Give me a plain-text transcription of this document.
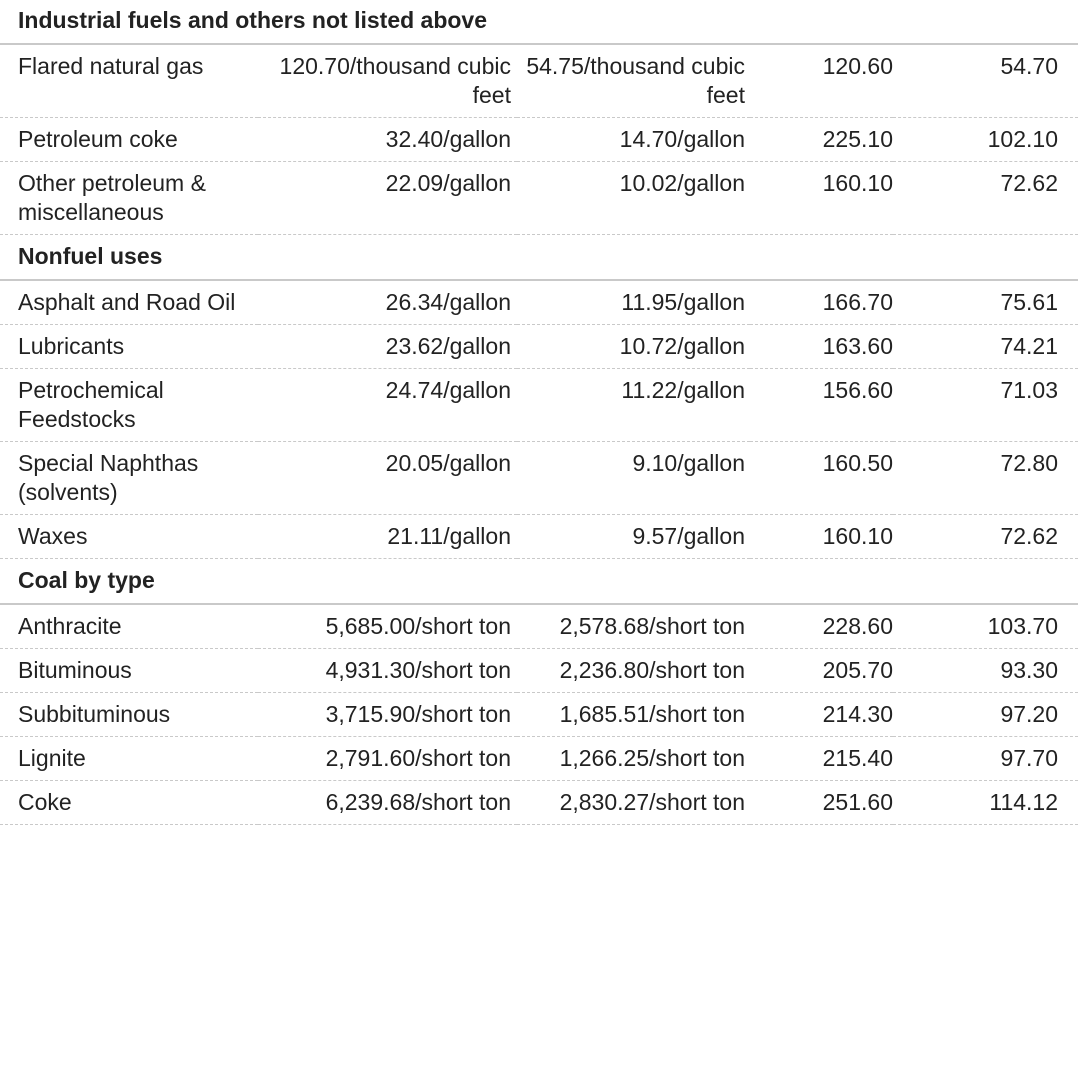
Industrial fuels and others not listed above				
Flared natural gas	120.70/thousand cubic feet	54.75/thousand cubic feet	120.60	54.70
Petroleum coke	32.40/gallon	14.70/gallon	225.10	102.10
Other petroleum & miscellaneous	22.09/gallon	10.02/gallon	160.10	72.62
Nonfuel uses				
Asphalt and Road Oil	26.34/gallon	11.95/gallon	166.70	75.61
Lubricants	23.62/gallon	10.72/gallon	163.60	74.21
Petrochemical Feedstocks	24.74/gallon	11.22/gallon	156.60	71.03
Special Naphthas (solvents)	20.05/gallon	9.10/gallon	160.50	72.80
Waxes	21.11/gallon	9.57/gallon	160.10	72.62
Coal by type				
Anthracite	5,685.00/short ton	2,578.68/short ton	228.60	103.70
Bituminous	4,931.30/short ton	2,236.80/short ton	205.70	93.30
Subbituminous	3,715.90/short ton	1,685.51/short ton	214.30	97.20
Lignite	2,791.60/short ton	1,266.25/short ton	215.40	97.70
Coke	6,239.68/short ton	2,830.27/short ton	251.60	114.12
